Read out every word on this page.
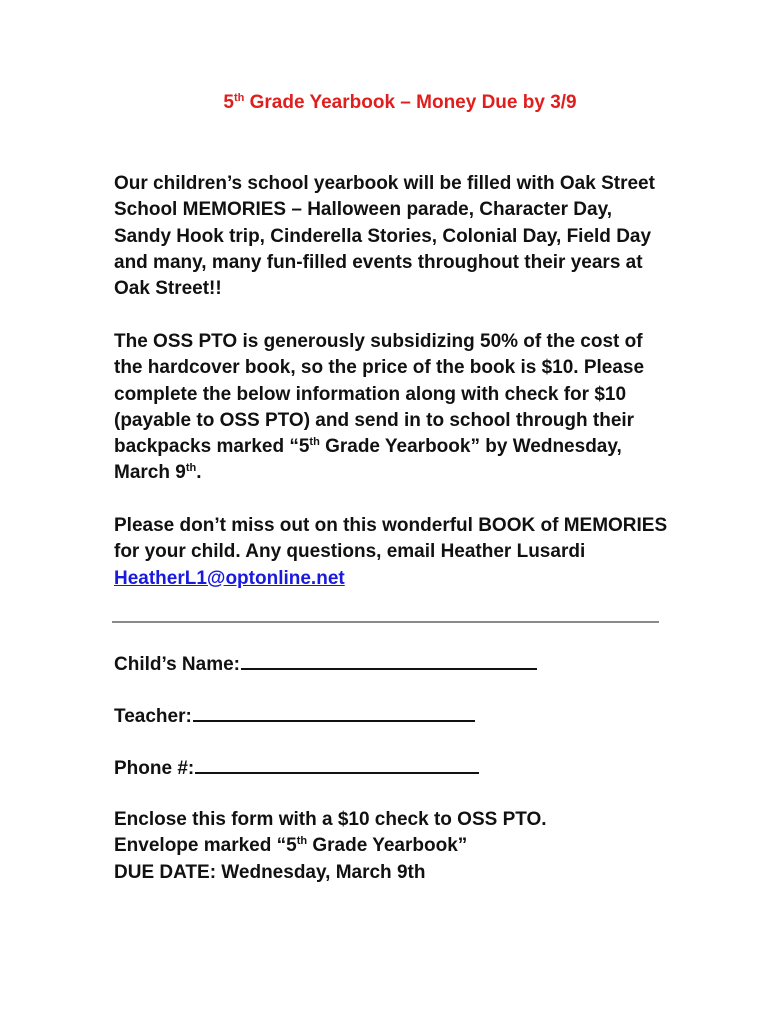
5th Grade Yearbook – Money Due by 3/9
Our children’s school yearbook will be filled with Oak Street School MEMORIES – Halloween parade, Character Day, Sandy Hook trip, Cinderella Stories, Colonial Day, Field Day and many, many fun-filled events throughout their years at Oak Street!!
The OSS PTO is generously subsidizing 50% of the cost of the hardcover book, so the price of the book is $10. Please complete the below information along with check for $10 (payable to OSS PTO) and send in to school through their backpacks marked “5th Grade Yearbook” by Wednesday, March 9th.
Please don’t miss out on this wonderful BOOK of MEMORIES for your child. Any questions, email Heather Lusardi HeatherL1@optonline.net
Child’s Name:
Teacher:
Phone #:
Enclose this form with a $10 check to OSS PTO.
Envelope marked “5th Grade Yearbook”
DUE DATE: Wednesday, March 9th
